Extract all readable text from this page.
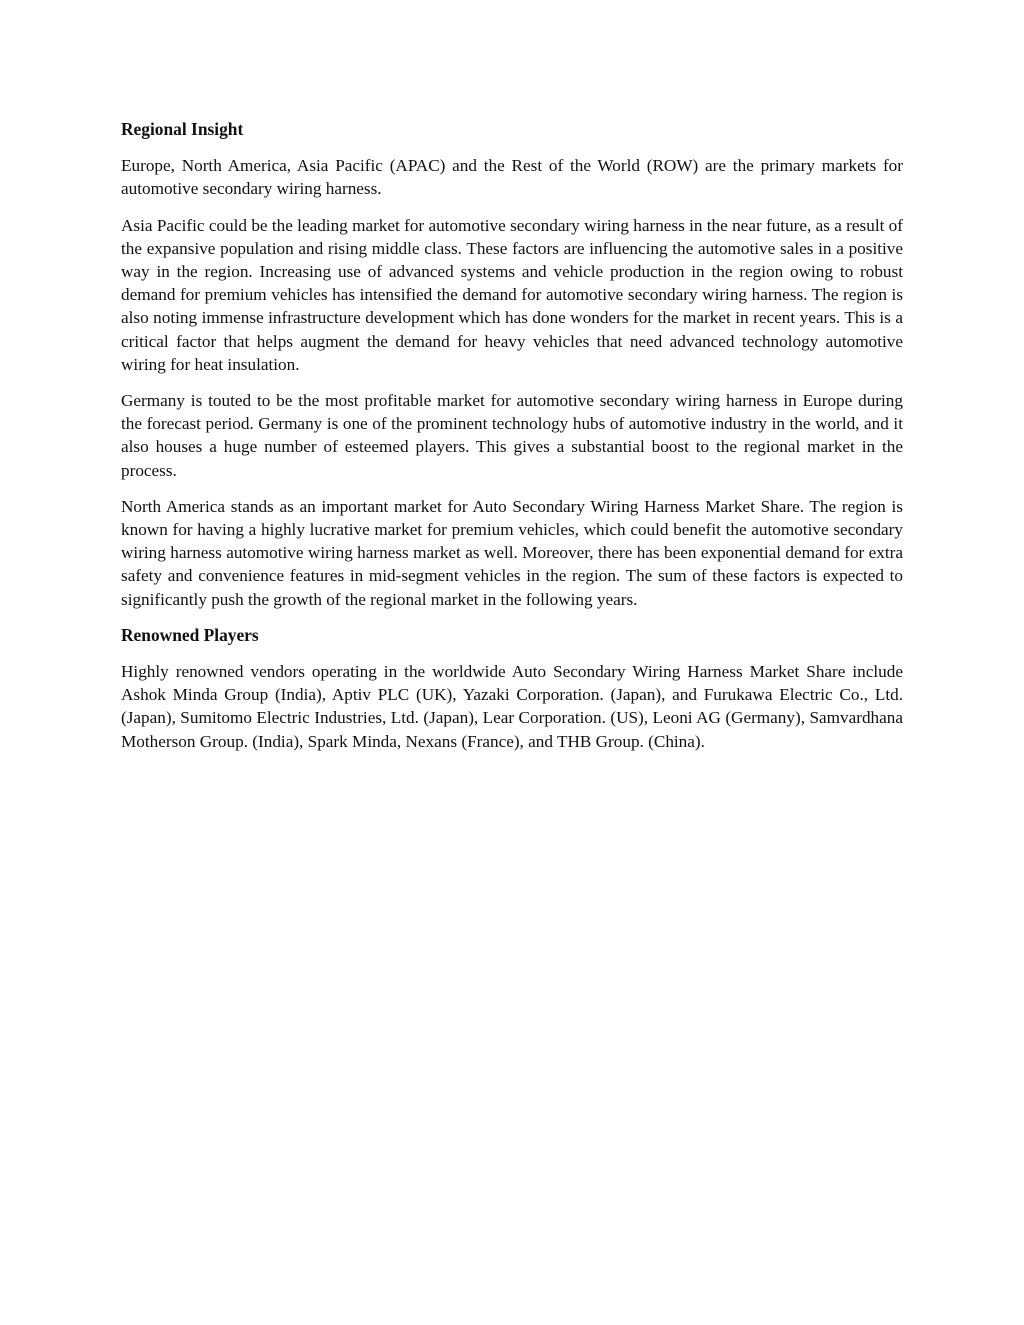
Regional Insight

Europe, North America, Asia Pacific (APAC) and the Rest of the World (ROW) are the primary markets for automotive secondary wiring harness.

Asia Pacific could be the leading market for automotive secondary wiring harness in the near future, as a result of the expansive population and rising middle class. These factors are influencing the automotive sales in a positive way in the region. Increasing use of advanced systems and vehicle production in the region owing to robust demand for premium vehicles has intensified the demand for automotive secondary wiring harness. The region is also noting immense infrastructure development which has done wonders for the market in recent years. This is a critical factor that helps augment the demand for heavy vehicles that need advanced technology automotive wiring for heat insulation.

Germany is touted to be the most profitable market for automotive secondary wiring harness in Europe during the forecast period. Germany is one of the prominent technology hubs of automotive industry in the world, and it also houses a huge number of esteemed players. This gives a substantial boost to the regional market in the process.

North America stands as an important market for Auto Secondary Wiring Harness Market Share. The region is known for having a highly lucrative market for premium vehicles, which could benefit the automotive secondary wiring harness automotive wiring harness market as well. Moreover, there has been exponential demand for extra safety and convenience features in mid-segment vehicles in the region. The sum of these factors is expected to significantly push the growth of the regional market in the following years.

Renowned Players

Highly renowned vendors operating in the worldwide Auto Secondary Wiring Harness Market Share include Ashok Minda Group (India), Aptiv PLC (UK), Yazaki Corporation. (Japan), and Furukawa Electric Co., Ltd. (Japan), Sumitomo Electric Industries, Ltd. (Japan), Lear Corporation. (US), Leoni AG (Germany), Samvardhana Motherson Group. (India), Spark Minda, Nexans (France), and THB Group. (China).
